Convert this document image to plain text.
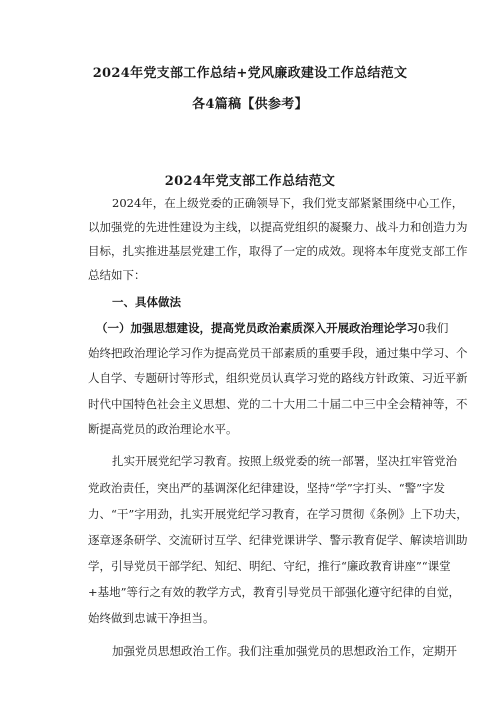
2024年党支部工作总结+党风廉政建设工作总结范文
各4篇稿【供参考】
2024年党支部工作总结范文
2024年，在上级党委的正确领导下，我们党支部紧紧围绕中心工作，
以加强党的先进性建设为主线，以提高党组织的凝聚力、战斗力和创造力为
目标，扎实推进基层党建工作，取得了一定的成效。现将本年度党支部工作
总结如下：
一、具体做法
（一）加强思想建设，提高党员政治素质深入开展政治理论学习0我们
始终把政治理论学习作为提高党员干部素质的重要手段，通过集中学习、个
人自学、专题研讨等形式，组织党员认真学习党的路线方针政策、习近平新
时代中国特色社会主义思想、党的二十大用二十届二中三中全会精神等，不
断提高党员的政治理论水平。
扎实开展党纪学习教育。按照上级党委的统一部署，坚决扛牢管党治
党政治责任，突出严的基调深化纪律建设，坚持“学”字打头、“警”字发
力、“干”字用劲，扎实开展党纪学习教育，在学习贯彻《条例》上下功夫，
逐章逐条研学、交流研讨互学、纪律党课讲学、警示教育促学、解读培训助
学，引导党员干部学纪、知纪、明纪、守纪，推行“廉政教育讲座”“课堂
+基地”等行之有效的教学方式，教育引导党员干部强化遵守纪律的自觉，
始终做到忠诚干净担当。
加强党员思想政治工作。我们注重加强党员的思想政治工作，定期开
